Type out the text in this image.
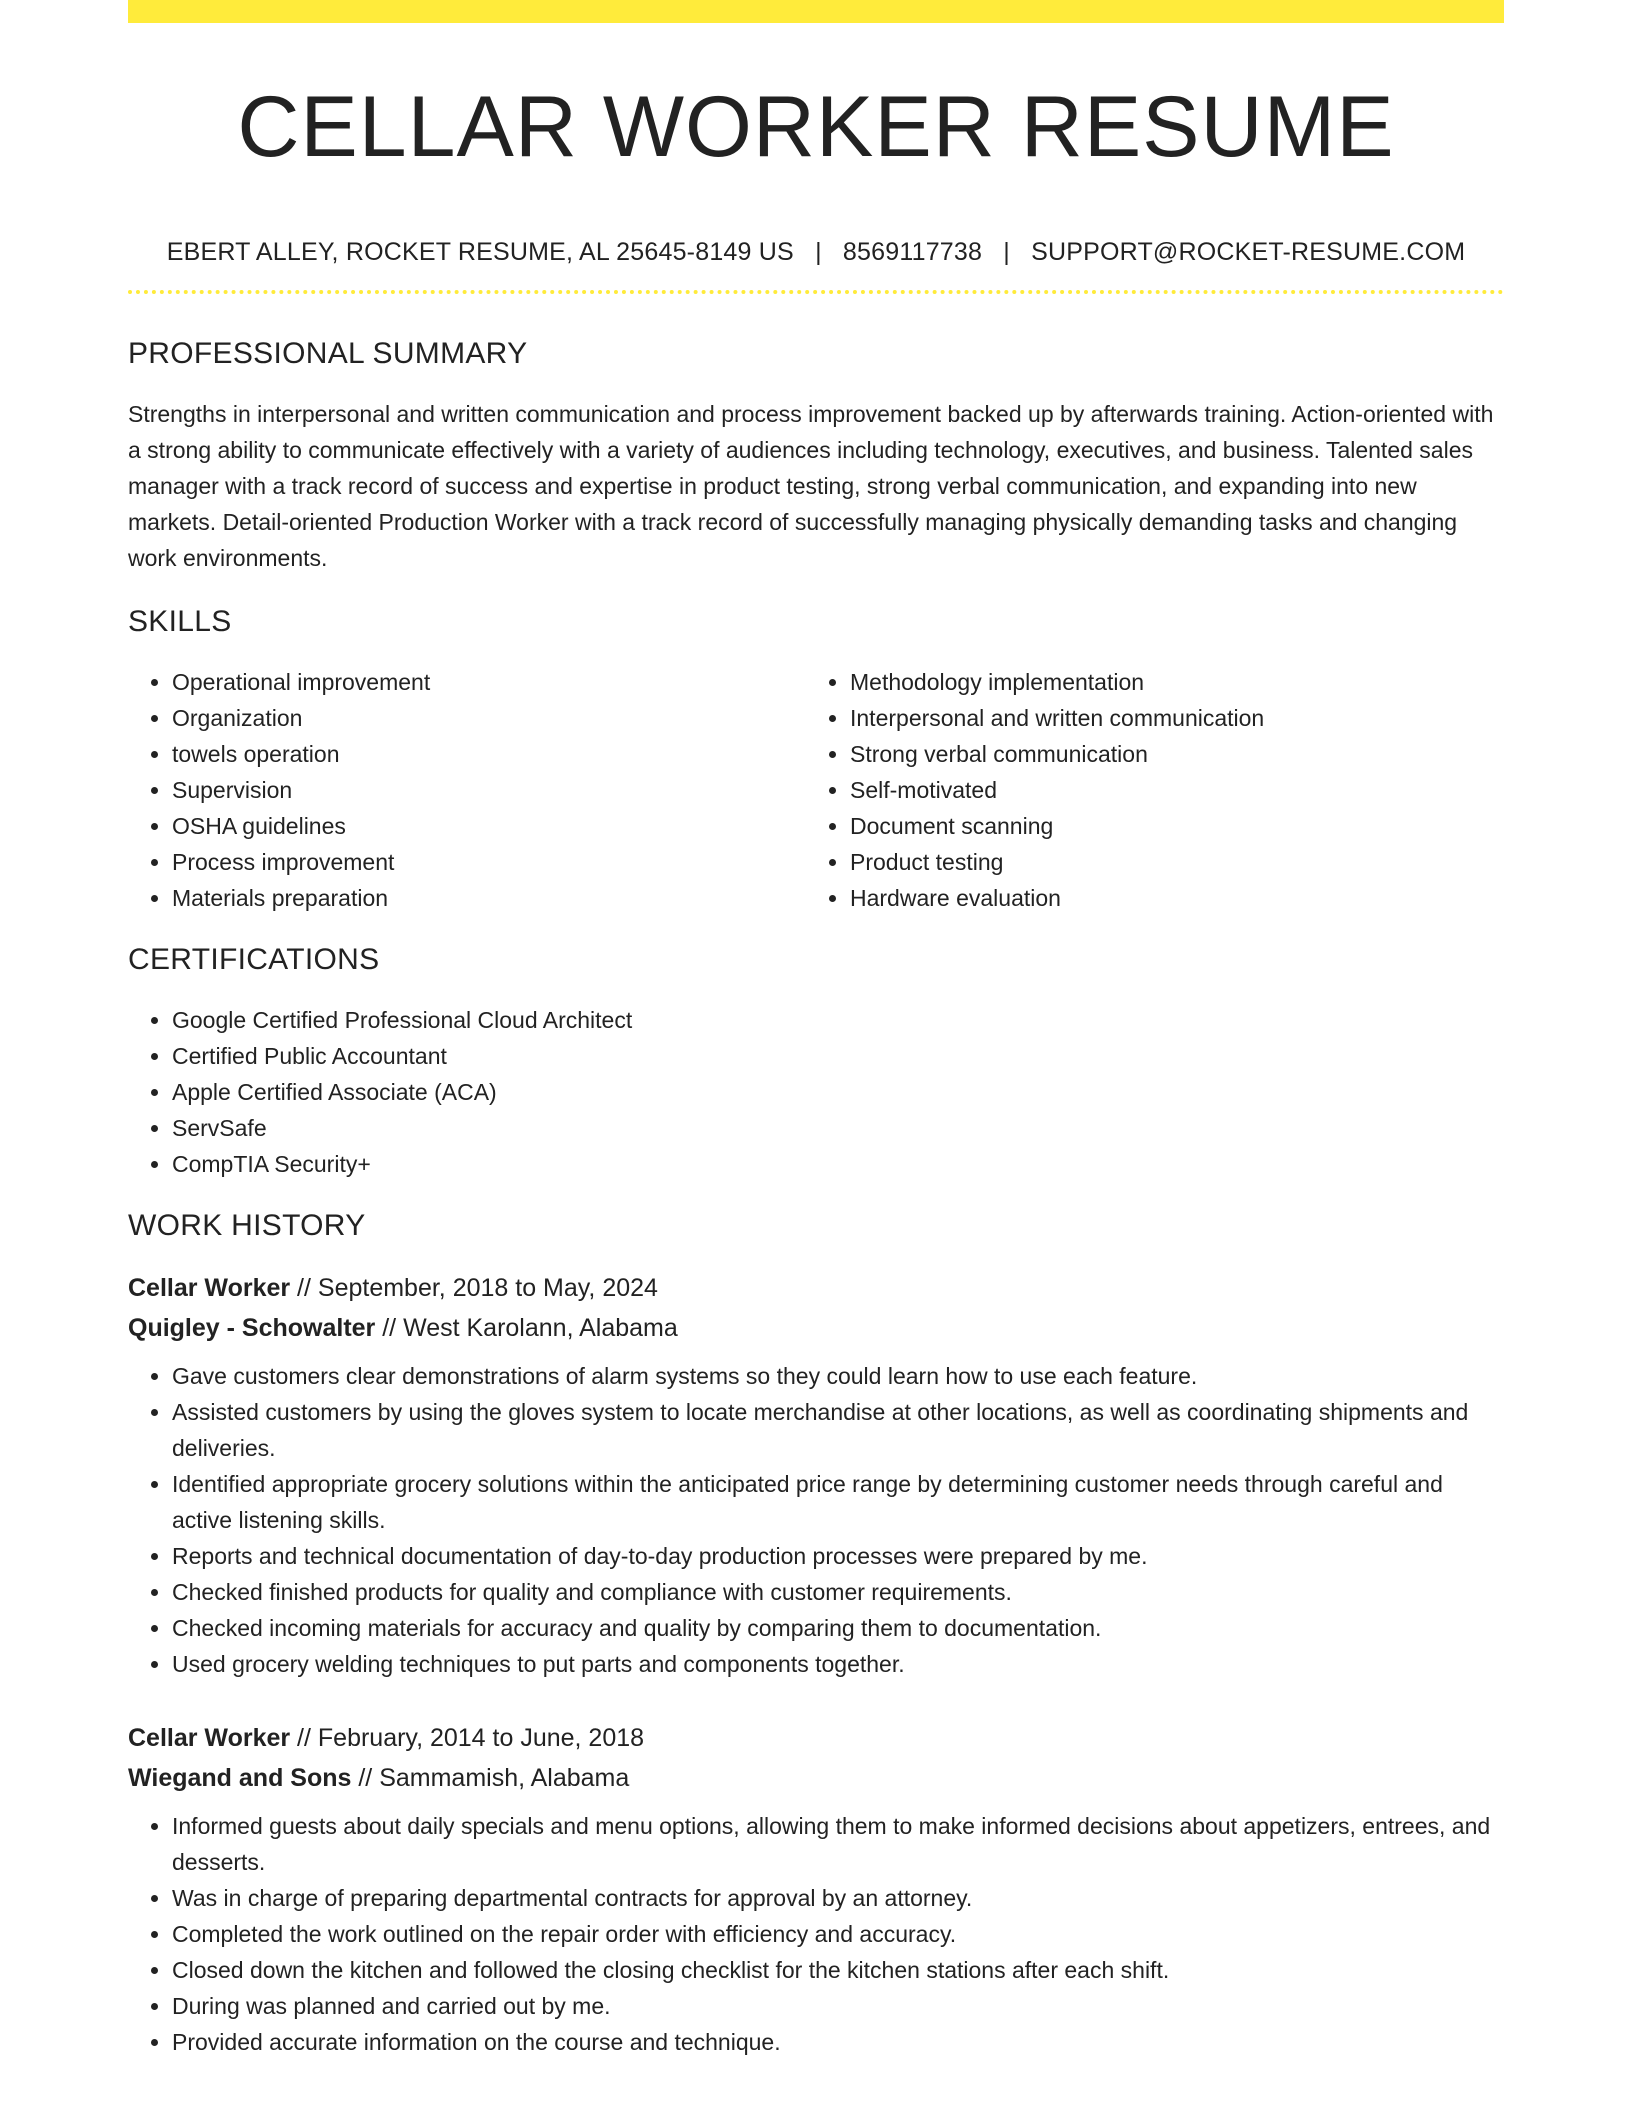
CELLAR WORKER RESUME
EBERT ALLEY, ROCKET RESUME, AL 25645-8149 US | 8569117738 | SUPPORT@ROCKET-RESUME.COM
PROFESSIONAL SUMMARY
Strengths in interpersonal and written communication and process improvement backed up by afterwards training. Action-oriented with a strong ability to communicate effectively with a variety of audiences including technology, executives, and business. Talented sales manager with a track record of success and expertise in product testing, strong verbal communication, and expanding into new markets. Detail-oriented Production Worker with a track record of successfully managing physically demanding tasks and changing work environments.
SKILLS
• Operational improvement
• Organization
• towels operation
• Supervision
• OSHA guidelines
• Process improvement
• Materials preparation
• Methodology implementation
• Interpersonal and written communication
• Strong verbal communication
• Self-motivated
• Document scanning
• Product testing
• Hardware evaluation
CERTIFICATIONS
• Google Certified Professional Cloud Architect
• Certified Public Accountant
• Apple Certified Associate (ACA)
• ServSafe
• CompTIA Security+
WORK HISTORY
Cellar Worker // September, 2018 to May, 2024
Quigley - Schowalter // West Karolann, Alabama
• Gave customers clear demonstrations of alarm systems so they could learn how to use each feature.
• Assisted customers by using the gloves system to locate merchandise at other locations, as well as coordinating shipments and deliveries.
• Identified appropriate grocery solutions within the anticipated price range by determining customer needs through careful and active listening skills.
• Reports and technical documentation of day-to-day production processes were prepared by me.
• Checked finished products for quality and compliance with customer requirements.
• Checked incoming materials for accuracy and quality by comparing them to documentation.
• Used grocery welding techniques to put parts and components together.
Cellar Worker // February, 2014 to June, 2018
Wiegand and Sons // Sammamish, Alabama
• Informed guests about daily specials and menu options, allowing them to make informed decisions about appetizers, entrees, and desserts.
• Was in charge of preparing departmental contracts for approval by an attorney.
• Completed the work outlined on the repair order with efficiency and accuracy.
• Closed down the kitchen and followed the closing checklist for the kitchen stations after each shift.
• During was planned and carried out by me.
• Provided accurate information on the course and technique.
